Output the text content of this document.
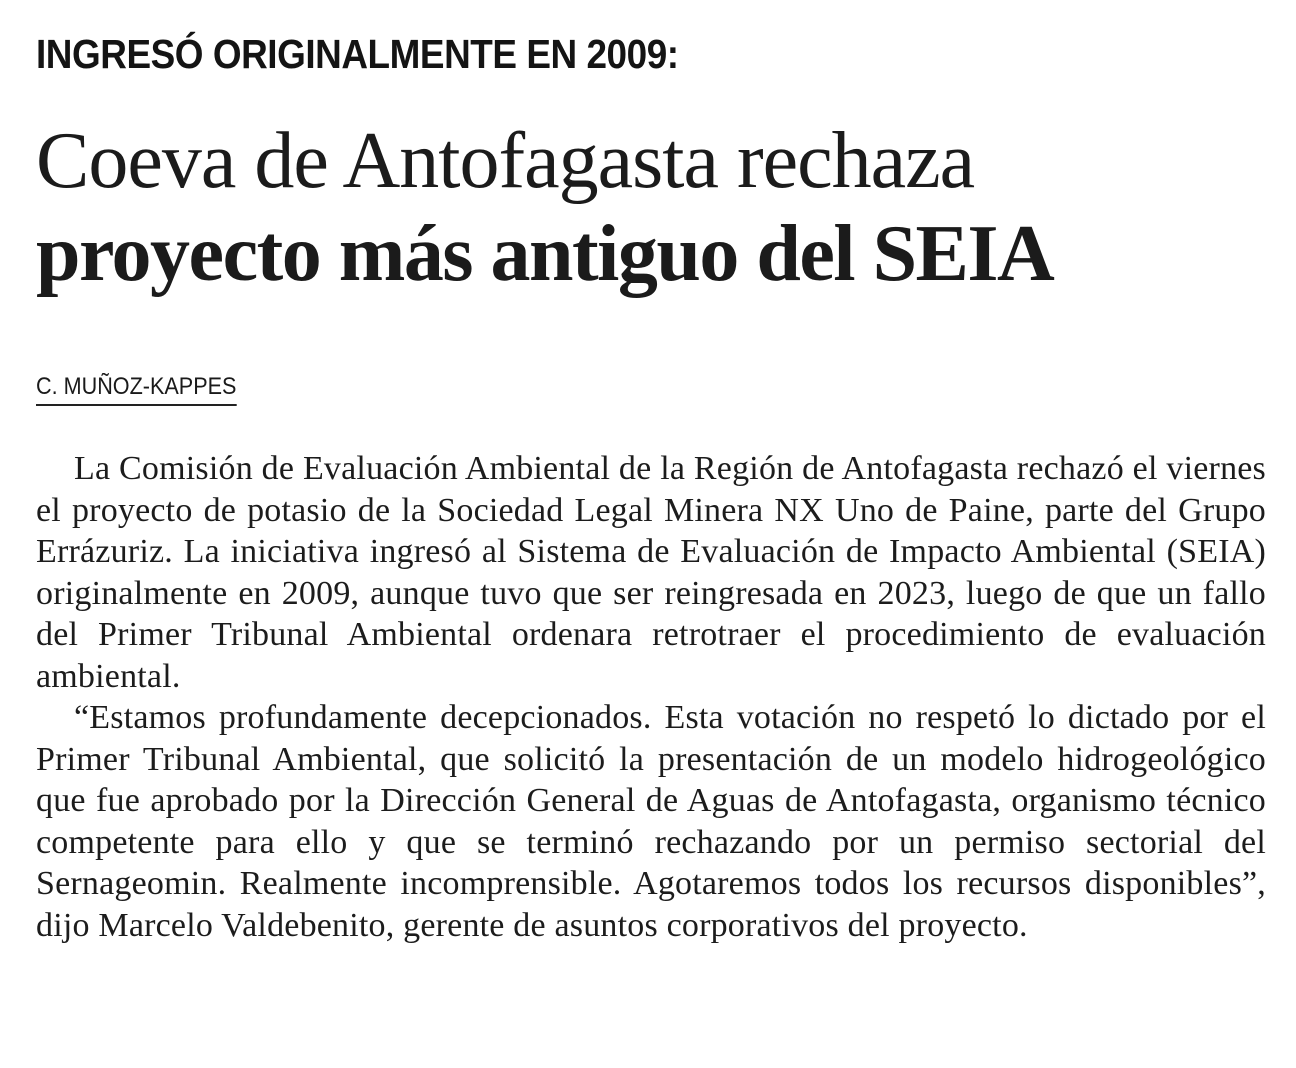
INGRESÓ ORIGINALMENTE EN 2009:
Coeva de Antofagasta rechaza
proyecto más antiguo del SEIA
C. MUÑOZ-KAPPES

La Comisión de Evaluación Ambiental de la Región de Antofagasta rechazó el viernes el proyecto de potasio de la Sociedad Legal Minera NX Uno de Paine, parte del Grupo Errázuriz. La iniciativa ingresó al Sistema de Evaluación de Impacto Ambiental (SEIA) originalmente en 2009, aunque tuvo que ser reingresada en 2023, luego de que un fallo del Primer Tribunal Ambiental ordenara retrotraer el procedimiento de evaluación ambiental.

“Estamos profundamente decepcionados. Esta votación no respetó lo dictado por el Primer Tribunal Ambiental, que solicitó la presentación de un modelo hidrogeológico que fue aprobado por la Dirección General de Aguas de Antofagasta, organismo técnico competente para ello y que se terminó rechazando por un permiso sectorial del Sernageomin. Realmente incomprensible. Agotaremos todos los recursos disponibles”, dijo Marcelo Valdebenito, gerente de asuntos corporativos del proyecto.
